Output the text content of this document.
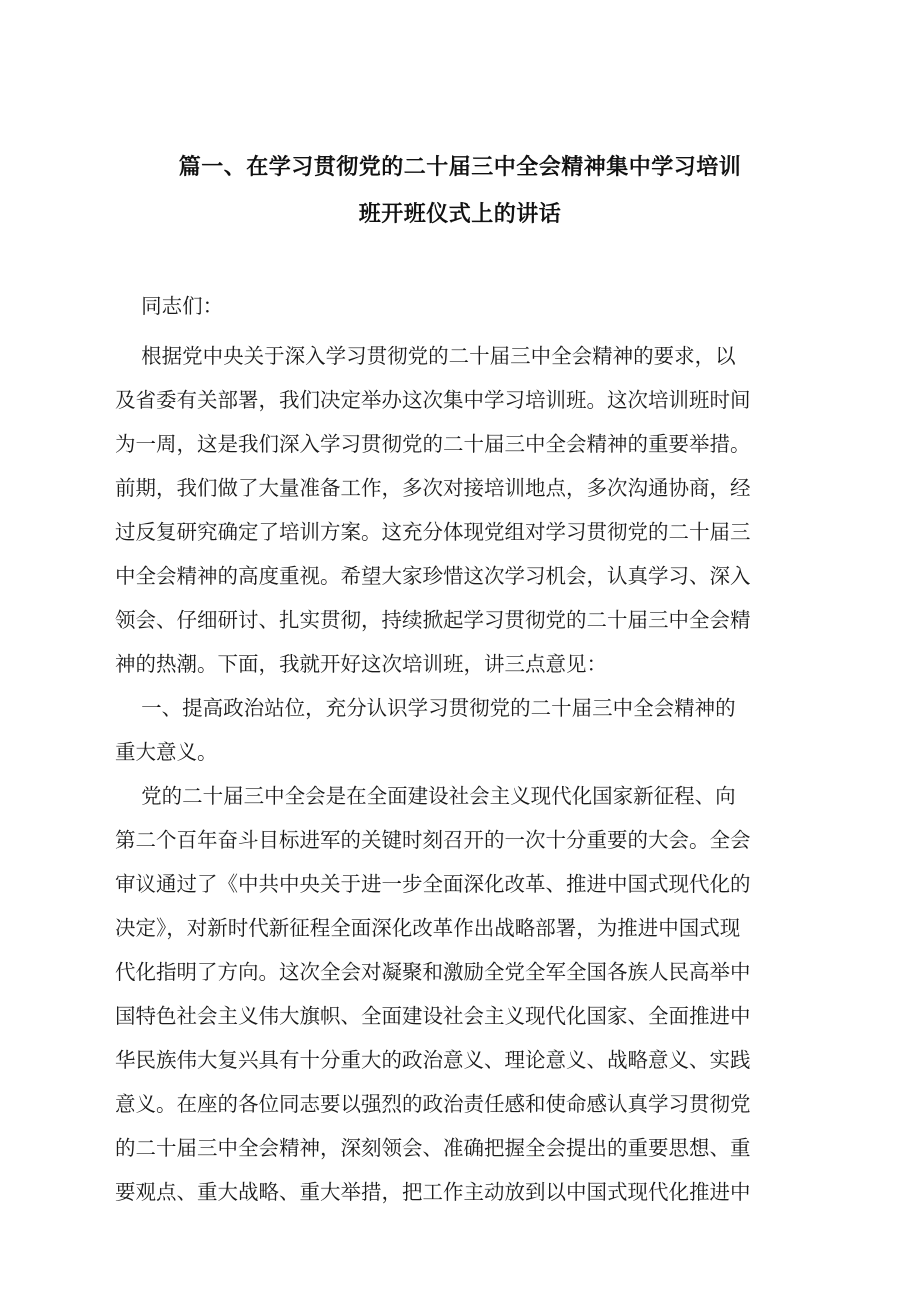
篇一、在学习贯彻党的二十届三中全会精神集中学习培训
班开班仪式上的讲话
同志们：
根据党中央关于深入学习贯彻党的二十届三中全会精神的要求，以
及省委有关部署，我们决定举办这次集中学习培训班。这次培训班时间
为一周，这是我们深入学习贯彻党的二十届三中全会精神的重要举措。
前期，我们做了大量准备工作，多次对接培训地点，多次沟通协商，经
过反复研究确定了培训方案。这充分体现党组对学习贯彻党的二十届三
中全会精神的高度重视。希望大家珍惜这次学习机会，认真学习、深入
领会、仔细研讨、扎实贯彻，持续掀起学习贯彻党的二十届三中全会精
神的热潮。下面，我就开好这次培训班，讲三点意见：
一、提高政治站位，充分认识学习贯彻党的二十届三中全会精神的
重大意义。
党的二十届三中全会是在全面建设社会主义现代化国家新征程、向
第二个百年奋斗目标进军的关键时刻召开的一次十分重要的大会。全会
审议通过了《中共中央关于进一步全面深化改革、推进中国式现代化的
决定》，对新时代新征程全面深化改革作出战略部署，为推进中国式现
代化指明了方向。这次全会对凝聚和激励全党全军全国各族人民高举中
国特色社会主义伟大旗帜、全面建设社会主义现代化国家、全面推进中
华民族伟大复兴具有十分重大的政治意义、理论意义、战略意义、实践
意义。在座的各位同志要以强烈的政治责任感和使命感认真学习贯彻党
的二十届三中全会精神，深刻领会、准确把握全会提出的重要思想、重
要观点、重大战略、重大举措，把工作主动放到以中国式现代化推进中
